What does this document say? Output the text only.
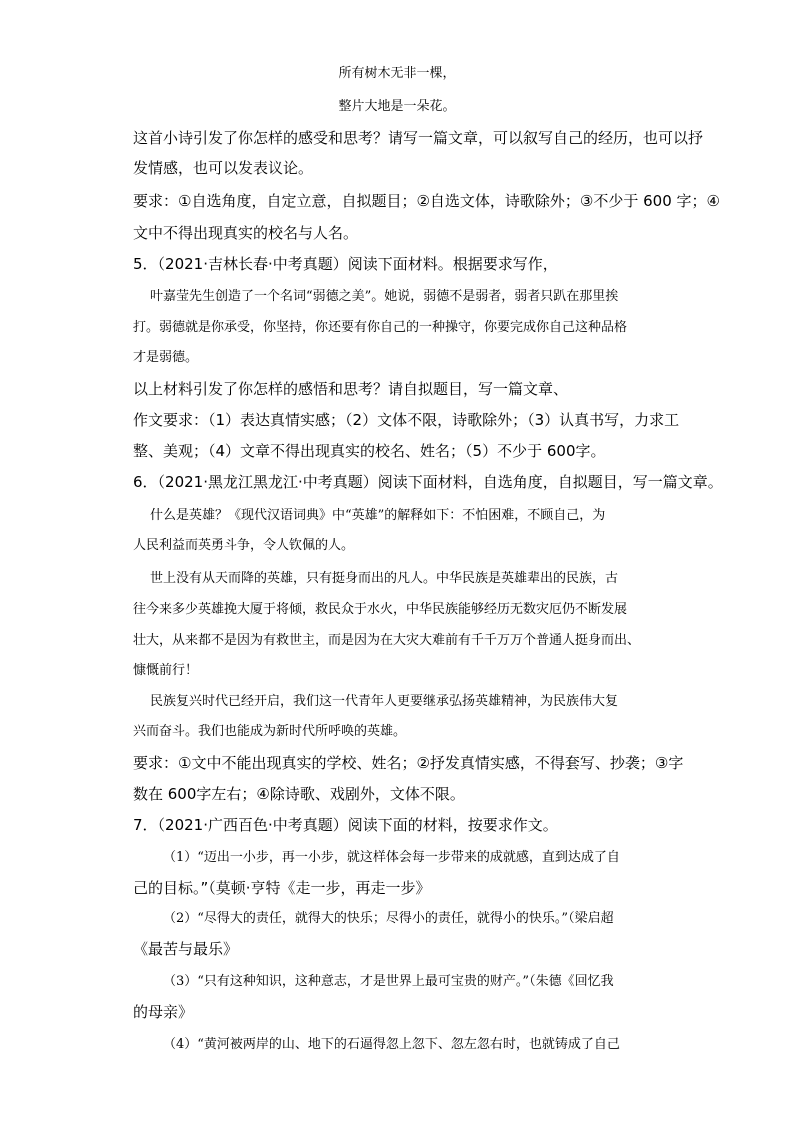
所有树木无非一棵，
整片大地是一朵花。
这首小诗引发了你怎样的感受和思考？请写一篇文章，可以叙写自己的经历，也可以抒
发情感，也可以发表议论。
要求：①自选角度，自定立意，自拟题目；②自选文体，诗歌除外；③不少于 600 字；④
文中不得出现真实的校名与人名。
5．（2021·吉林长春·中考真题）阅读下面材料。根据要求写作，
叶嘉莹先生创造了一个名词“弱德之美”。她说，弱德不是弱者，弱者只趴在那里挨
打。弱德就是你承受，你坚持，你还要有你自己的一种操守，你要完成你自己这种品格
才是弱德。
以上材料引发了你怎样的感悟和思考？请自拟题目，写一篇文章、
作文要求：（1）表达真情实感；（2）文体不限，诗歌除外；（3）认真书写，力求工
整、美观；（4）文章不得出现真实的校名、姓名；（5）不少于 600字。
6．（2021·黑龙江黑龙江·中考真题）阅读下面材料，自选角度，自拟题目，写一篇文章。
什么是英雄？《现代汉语词典》中“英雄”的解释如下：不怕困难，不顾自己，为
人民利益而英勇斗争，令人钦佩的人。
世上没有从天而降的英雄，只有挺身而出的凡人。中华民族是英雄辈出的民族，古
往今来多少英雄挽大厦于将倾，救民众于水火，中华民族能够经历无数灾厄仍不断发展
壮大，从来都不是因为有救世主，而是因为在大灾大难前有千千万万个普通人挺身而出、
慷慨前行！
民族复兴时代已经开启，我们这一代青年人更要继承弘扬英雄精神，为民族伟大复
兴而奋斗。我们也能成为新时代所呼唤的英雄。
要求：①文中不能出现真实的学校、姓名；②抒发真情实感，不得套写、抄袭；③字
数在 600字左右；④除诗歌、戏剧外，文体不限。
7．（2021·广西百色·中考真题）阅读下面的材料，按要求作文。
（1）“迈出一小步，再一小步，就这样体会每一步带来的成就感，直到达成了自
己的目标。”（莫顿·亨特《走一步，再走一步》
（2）“尽得大的责任，就得大的快乐；尽得小的责任，就得小的快乐。”（梁启超
《最苦与最乐》
（3）“只有这种知识，这种意志，才是世界上最可宝贵的财产。”（朱德《回忆我
的母亲》
（4）“黄河被两岸的山、地下的石逼得忽上忽下、忽左忽右时，也就铸成了自己
